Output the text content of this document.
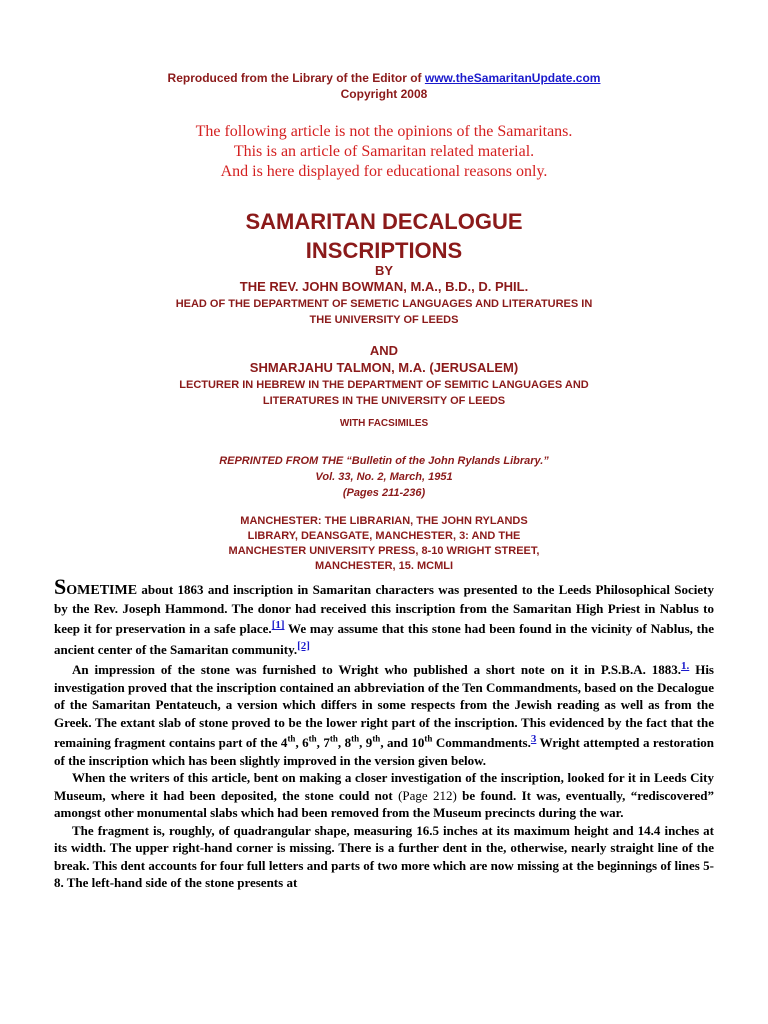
Reproduced from the Library of the Editor of www.theSamaritanUpdate.com
Copyright 2008
The following article is not the opinions of the Samaritans.
This is an article of Samaritan related material.
And is here displayed for educational reasons only.
SAMARITAN DECALOGUE
INSCRIPTIONS
BY
THE REV. JOHN BOWMAN, M.A., B.D., D. PHIL.
HEAD OF THE DEPARTMENT OF SEMETIC LANGUAGES AND LITERATURES IN
THE UNIVERSITY OF LEEDS
AND
SHMARJAHU TALMON, M.A. (JERUSALEM)
LECTURER IN HEBREW IN THE DEPARTMENT OF SEMITIC LANGUAGES AND
LITERATURES IN THE UNIVERSITY OF LEEDS
WITH FACSIMILES
REPRINTED FROM THE “Bulletin of the John Rylands Library.”
Vol. 33, No. 2, March, 1951
(Pages 211-236)
MANCHESTER: THE LIBRARIAN, THE JOHN RYLANDS LIBRARY, DEANSGATE, MANCHESTER, 3: AND THE MANCHESTER UNIVERSITY PRESS, 8-10 WRIGHT STREET, MANCHESTER, 15. MCMLI

SOMETIME about 1863 and inscription in Samaritan characters was presented to the Leeds Philosophical Society by the Rev. Joseph Hammond. The donor had received this inscription from the Samaritan High Priest in Nablus to keep it for preservation in a safe place.[1] We may assume that this stone had been found in the vicinity of Nablus, the ancient center of the Samaritan community.[2]

An impression of the stone was furnished to Wright who published a short note on it in P.S.B.A. 1883.$^{1.}$ His investigation proved that the inscription contained an abbreviation of the Ten Commandments, based on the Decalogue of the Samaritan Pentateuch, a version which differs in some respects from the Jewish reading as well as from the Greek. The extant slab of stone proved to be the lower right part of the inscription. This evidenced by the fact that the remaining fragment contains part of the 4th, 6th, 7th, 8th, 9th, and 10th Commandments.$^3$ Wright attempted a restoration of the inscription which has been slightly improved in the version given below.

When the writers of this article, bent on making a closer investigation of the inscription, looked for it in Leeds City Museum, where it had been deposited, the stone could not (Page 212) be found. It was, eventually, “rediscovered” amongst other monumental slabs which had been removed from the Museum precincts during the war.

The fragment is, roughly, of quadrangular shape, measuring 16.5 inches at its maximum height and 14.4 inches at its width. The upper right-hand corner is missing. There is a further dent in the, otherwise, nearly straight line of the break. This dent accounts for four full letters and parts of two more which are now missing at the beginnings of lines 5-8. The left-hand side of the stone presents at
